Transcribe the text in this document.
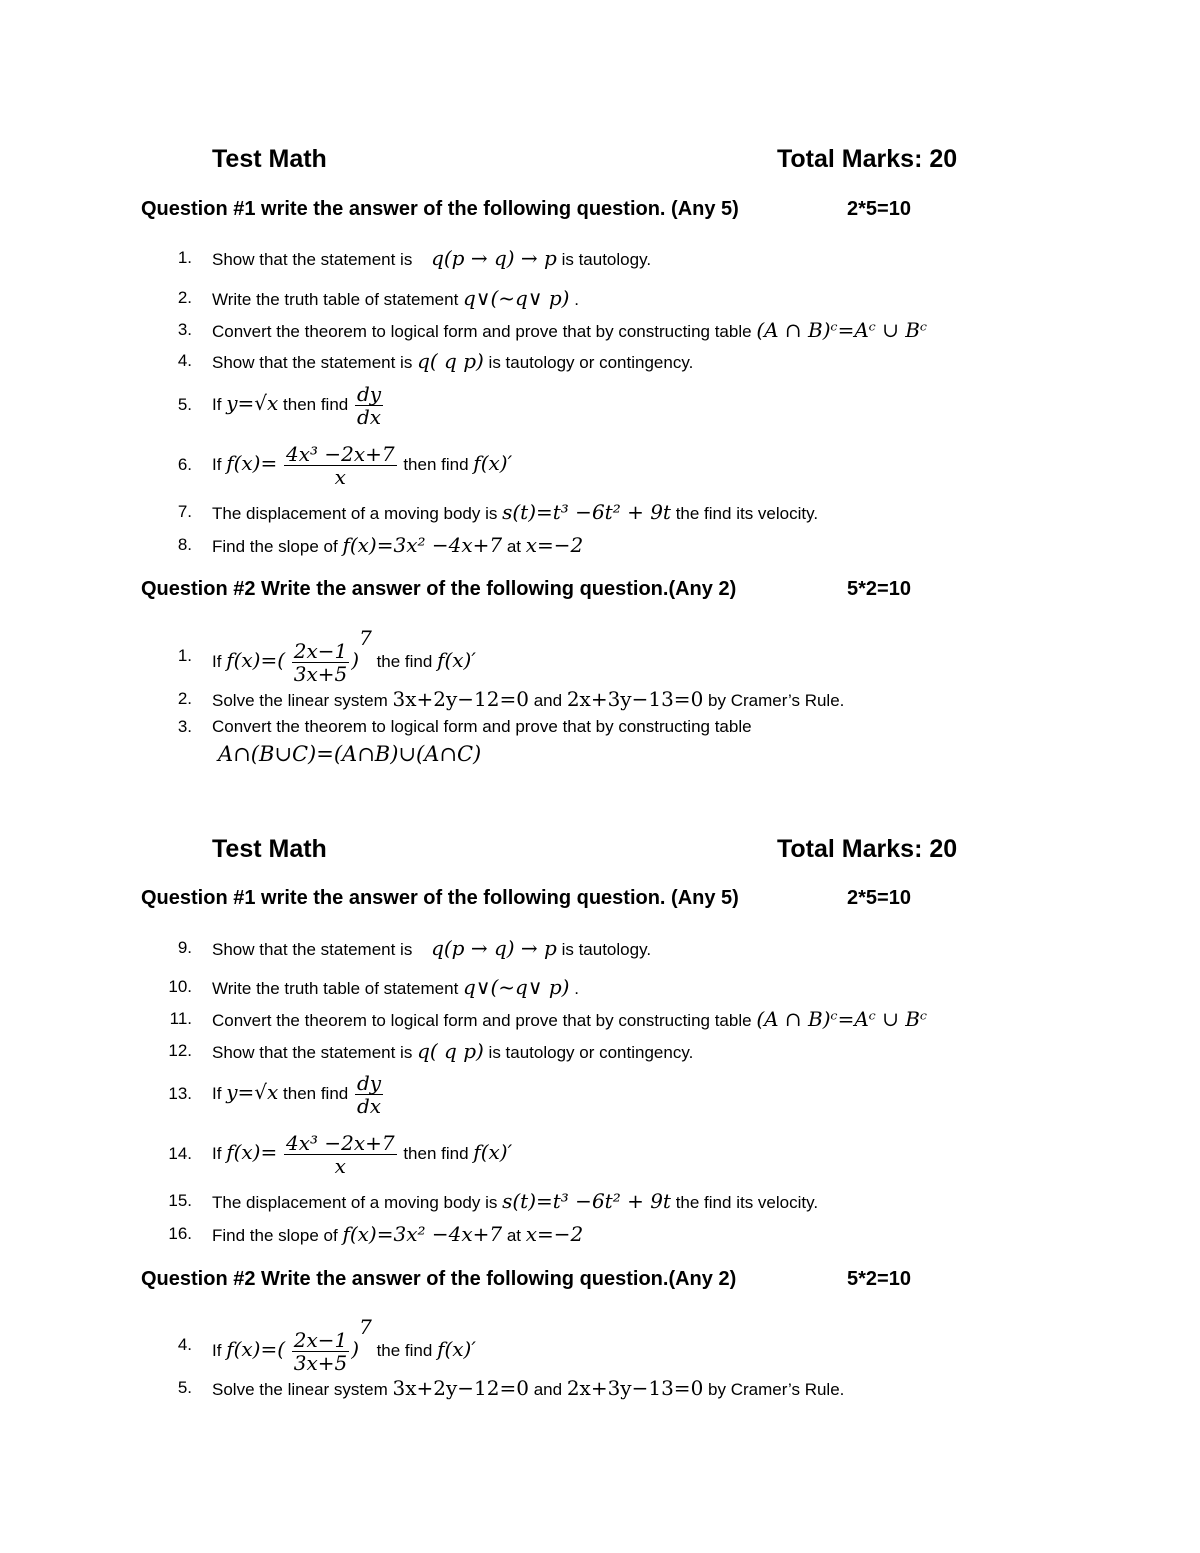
Test Math	Total Marks: 20
Question #1 write the answer of the following question. (Any 5)	2*5=10
1. Show that the statement is q(p → q) → p is tautology.
2. Write the truth table of statement q∨(~q∨ p) .
3. Convert the theorem to logical form and prove that by constructing table (A ∩ B)ᶜ=Aᶜ ∪ Bᶜ
4. Show that the statement is q( q p) is tautology or contingency.
5. If y=√x then find $\frac{dy}{dx}$
6. If $f(x)= \frac{\text{4x³ −2x+7}}{x}$ then find f(x)′
7. The displacement of a moving body is s(t)=t³ −6t² + 9t the find its velocity.
8. Find the slope of f(x)=3x² −4x+7 at x=−2
Question #2 Write the answer of the following question.(Any 2)	5*2=10
1. If $f(x)=( \frac{2x-1}{3x+5} )^7$ the find f(x)′
2. Solve the linear system 3x+2y−12=0 and 2x+3y−13=0 by Cramer’s Rule.
3. Convert the theorem to logical form and prove that by constructing table
A∩(B∪C)=(A∩B)∪(A∩C)
Test Math	Total Marks: 20
Question #1 write the answer of the following question. (Any 5)	2*5=10
9. Show that the statement is q(p → q) → p is tautology.
10. Write the truth table of statement q∨(~q∨ p) .
11. Convert the theorem to logical form and prove that by constructing table (A ∩ B)ᶜ=Aᶜ ∪ Bᶜ
12. Show that the statement is q( q p) is tautology or contingency.
13. If y=√x then find $\frac{dy}{dx}$
14. If $f(x)= \frac{\text{4x³ −2x+7}}{x}$ then find f(x)′
15. The displacement of a moving body is s(t)=t³ −6t² + 9t the find its velocity.
16. Find the slope of f(x)=3x² −4x+7 at x=−2
Question #2 Write the answer of the following question.(Any 2)	5*2=10
4. If $f(x)=( \frac{2x-1}{3x+5} )^7$ the find f(x)′
5. Solve the linear system 3x+2y−12=0 and 2x+3y−13=0 by Cramer’s Rule.
